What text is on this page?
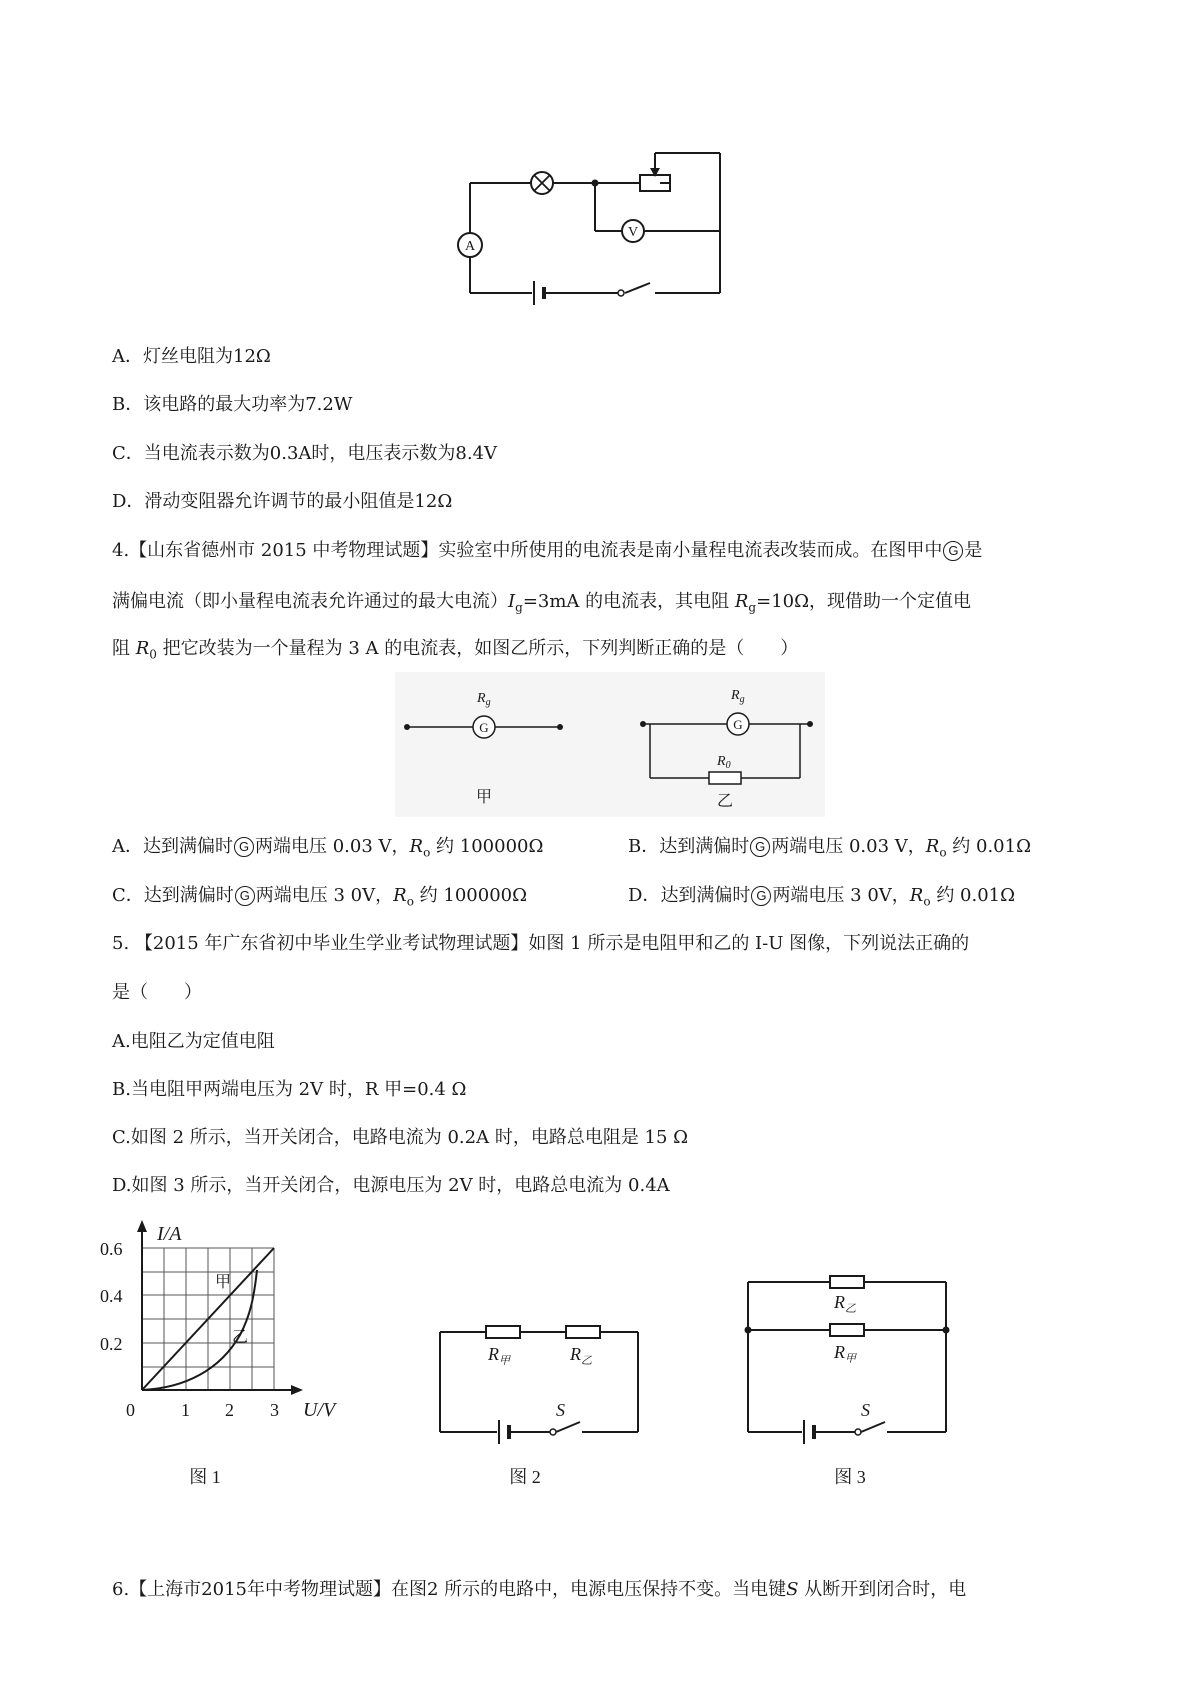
V
A
A．灯丝电阻为12Ω
B．该电路的最大功率为7.2W
C．当电流表示数为0.3A时，电压表示数为8.4V
D．滑动变阻器允许调节的最小阻值是12Ω
4.【山东省德州市 2015 中考物理试题】实验室中所使用的电流表是南小量程电流表改装而成。在图甲中 G 是
满偏电流（即小量程电流表允许通过的最大电流）$I_g=3mA$ 的电流表，其电阻 $R_g=10\Omega$，现借助一个定值电
阻 $R_0$ 把它改装为一个量程为 3 A 的电流表，如图乙所示，下列判断正确的是（　　）
G
$R_g$
甲
G
$R_g$
$R_0$
乙
A．达到满偏时 G 两端电压 0.03 V，$R_o$ 约 100000Ω	B．达到满偏时 G 两端电压 0.03 V，$R_o$ 约 0.01Ω
C．达到满偏时 G 两端电压 3 0V，$R_o$ 约 100000Ω	D．达到满偏时 G 两端电压 3 0V，$R_o$ 约 0.01Ω
5. 【2015 年广东省初中毕业生学业考试物理试题】如图 1 所示是电阻甲和乙的 I-U 图像，下列说法正确的
是（　　）
A.电阻乙为定值电阻
B.当电阻甲两端电压为 2V 时，R 甲=0.4 Ω
C.如图 2 所示，当开关闭合，电路电流为 0.2A 时，电路总电阻是 15 Ω
D.如图 3 所示，当开关闭合，电源电压为 2V 时，电路总电流为 0.4A
I/A
U/V
0.6
0.4
0.2
0	1 2 3
甲
乙
图 1
$R_甲$	$R_乙$
S
图 2
$R_乙$
$R_甲$
S
图 3
6.【上海市2015年中考物理试题】在图2 所示的电路中，电源电压保持不变。当电键S 从断开到闭合时，电
